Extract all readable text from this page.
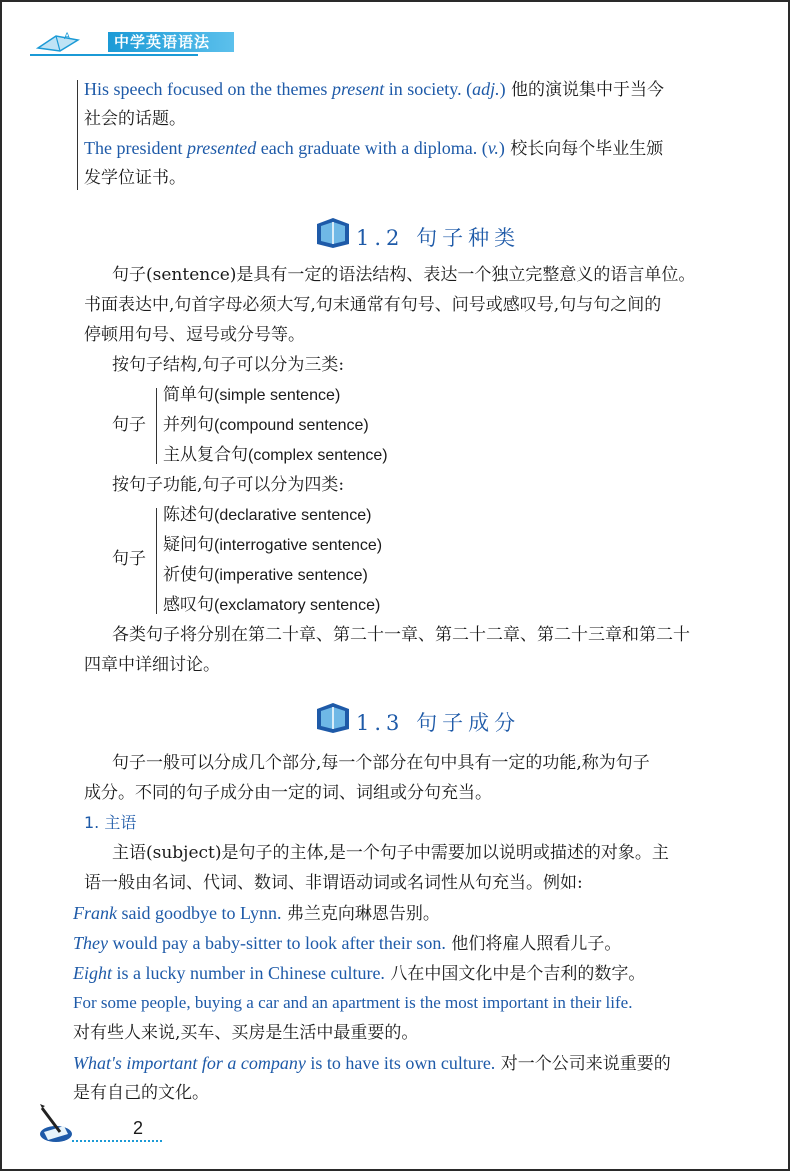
A	中学英语语法
His speech focused on the themes present in society. (adj.) 他的演说集中于当今
社会的话题。
The president presented each graduate with a diploma. (v.) 校长向每个毕业生颁
发学位证书。
1.2 句子种类
句子(sentence)是具有一定的语法结构、表达一个独立完整意义的语言单位。
书面表达中,句首字母必须大写,句末通常有句号、问号或感叹号,句与句之间的
停顿用句号、逗号或分号等。
按句子结构,句子可以分为三类:
句子
简单句(simple sentence)
并列句(compound sentence)
主从复合句(complex sentence)
按句子功能,句子可以分为四类:
句子
陈述句(declarative sentence)
疑问句(interrogative sentence)
祈使句(imperative sentence)
感叹句(exclamatory sentence)
各类句子将分别在第二十章、第二十一章、第二十二章、第二十三章和第二十
四章中详细讨论。
1.3 句子成分
句子一般可以分成几个部分,每一个部分在句中具有一定的功能,称为句子
成分。不同的句子成分由一定的词、词组或分句充当。
1. 主语
主语(subject)是句子的主体,是一个句子中需要加以说明或描述的对象。主
语一般由名词、代词、数词、非谓语动词或名词性从句充当。例如:
Frank said goodbye to Lynn. 弗兰克向琳恩告别。
They would pay a baby-sitter to look after their son. 他们将雇人照看儿子。
Eight is a lucky number in Chinese culture. 八在中国文化中是个吉利的数字。
For some people, buying a car and an apartment is the most important in their life.
对有些人来说,买车、买房是生活中最重要的。
What's important for a company is to have its own culture. 对一个公司来说重要的
是有自己的文化。
2
